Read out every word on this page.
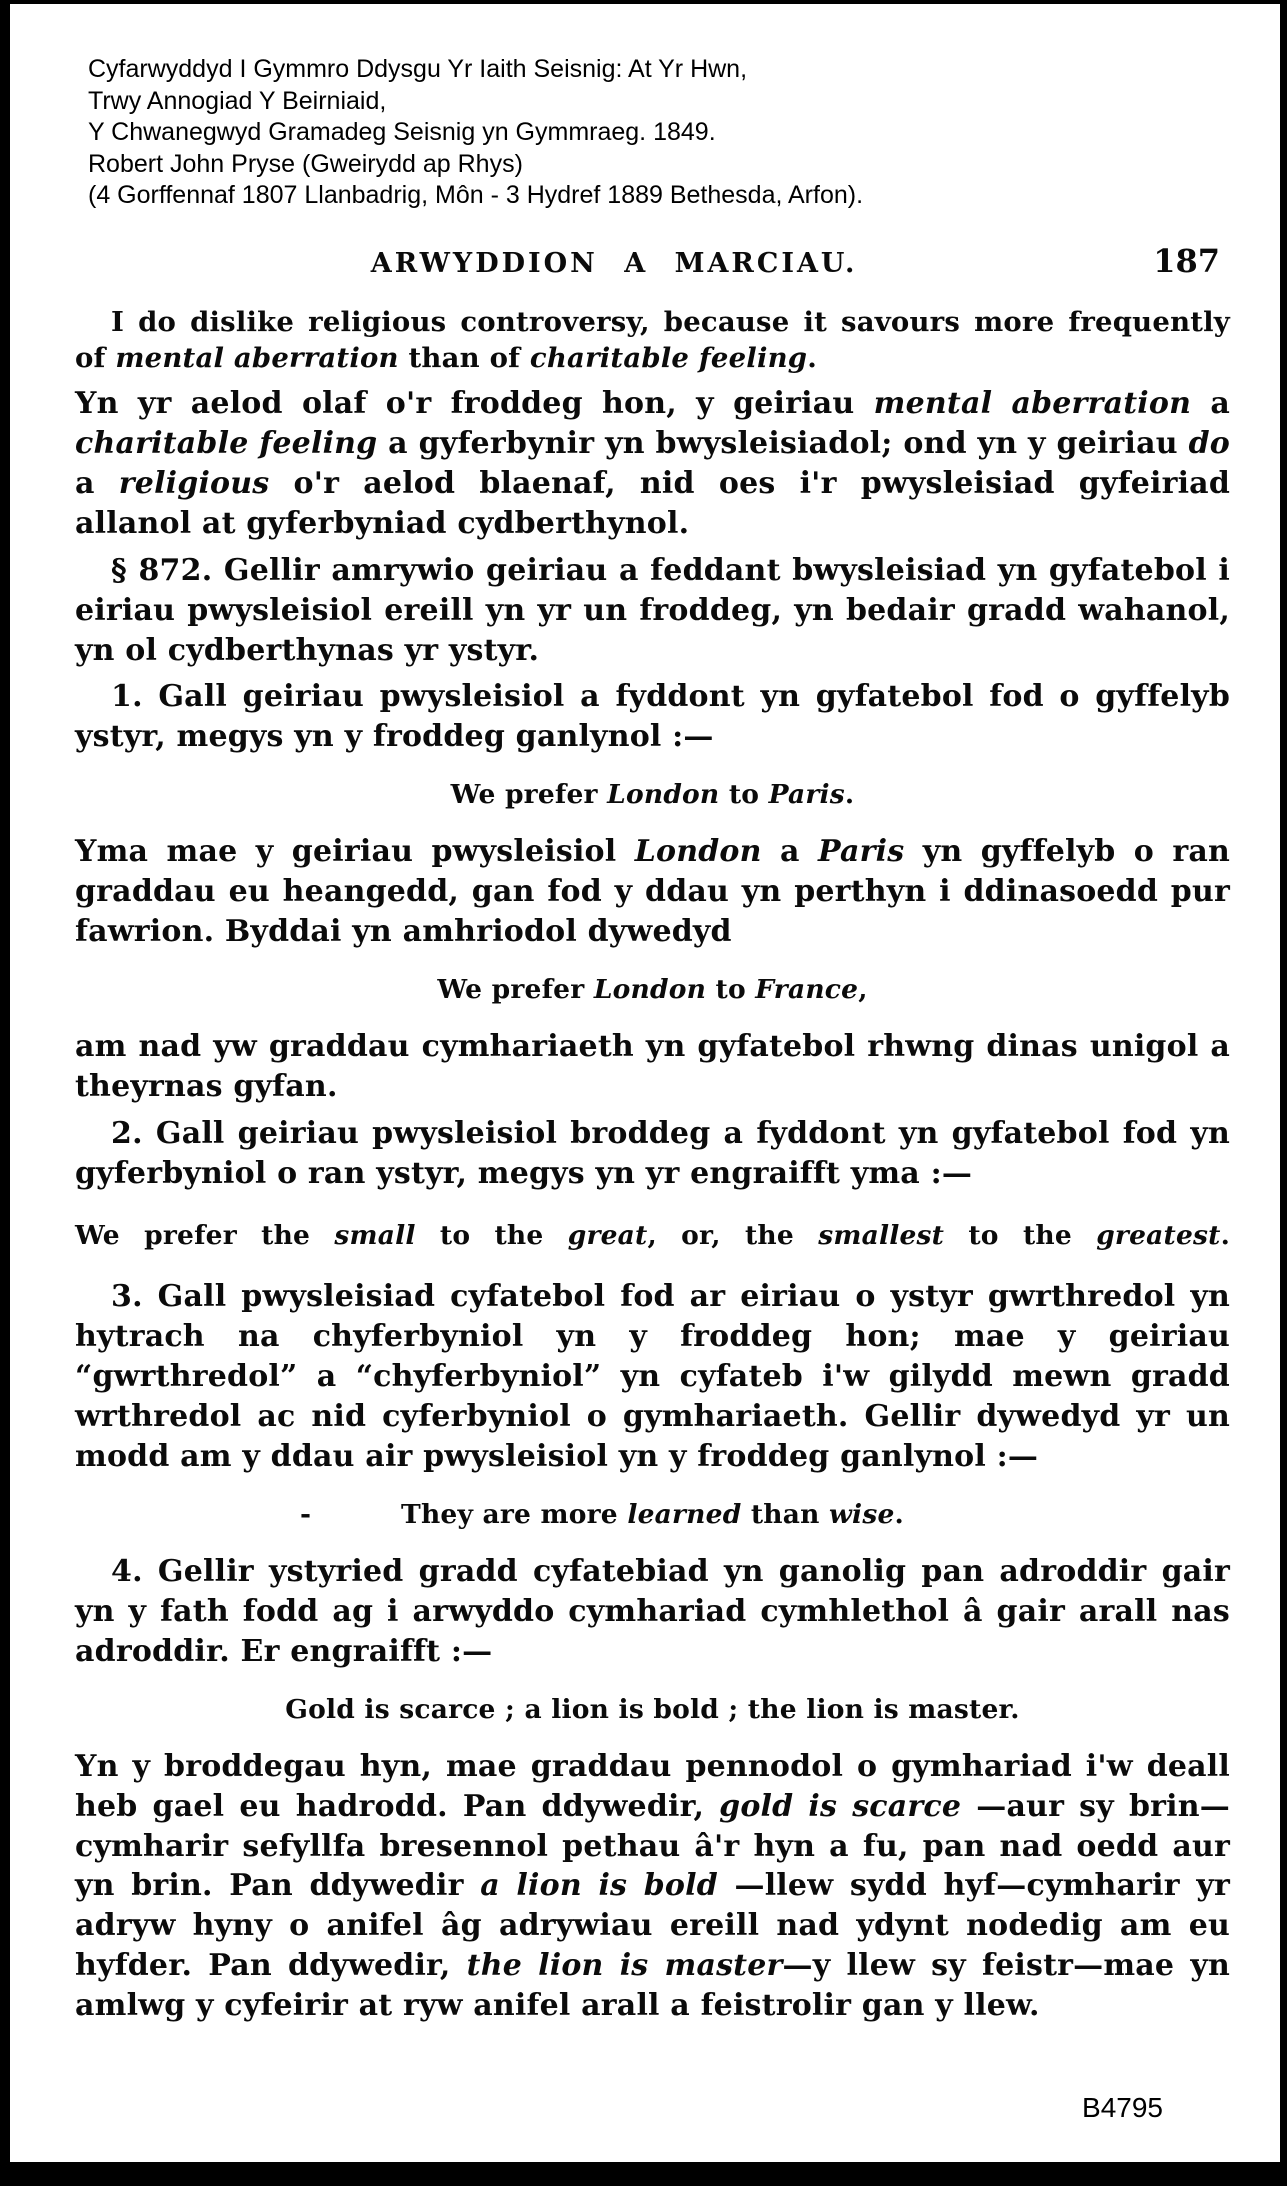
Cyfarwyddyd I Gymmro Ddysgu Yr Iaith Seisnig: At Yr Hwn,
Trwy Annogiad Y Beirniaid,
Y Chwanegwyd Gramadeg Seisnig yn Gymmraeg. 1849.
Robert John Pryse (Gweirydd ap Rhys)
(4 Gorffennaf 1807 Llanbadrig, Môn - 3 Hydref 1889 Bethesda, Arfon).
ARWYDDION A MARCIAU.	187

I do dislike religious controversy, because it savours more frequently of mental aberration than of charitable feeling.

Yn yr aelod olaf o'r froddeg hon, y geiriau mental aberration a charitable feeling a gyferbynir yn bwysleisiadol; ond yn y geiriau do a religious o'r aelod blaenaf, nid oes i'r pwysleisiad gyfeiriad allanol at gyferbyniad cydberthynol.

§ 872. Gellir amrywio geiriau a feddant bwysleisiad yn gyfatebol i eiriau pwysleisiol ereill yn yr un froddeg, yn bedair gradd wahanol, yn ol cydberthynas yr ystyr.

1. Gall geiriau pwysleisiol a fyddont yn gyfatebol fod o gyffelyb ystyr, megys yn y froddeg ganlynol :—

We prefer London to Paris.

Yma mae y geiriau pwysleisiol London a Paris yn gyffelyb o ran graddau eu heangedd, gan fod y ddau yn perthyn i ddinasoedd pur fawrion. Byddai yn amhriodol dywedyd

We prefer London to France,

am nad yw graddau cymhariaeth yn gyfatebol rhwng dinas unigol a theyrnas gyfan.

2. Gall geiriau pwysleisiol broddeg a fyddont yn gyfatebol fod yn gyferbyniol o ran ystyr, megys yn yr engraifft yma :—

We prefer the small to the great, or, the smallest to the greatest.

3. Gall pwysleisiad cyfatebol fod ar eiriau o ystyr gwrthredol yn hytrach na chyferbyniol yn y froddeg hon; mae y geiriau “gwrthredol” a “chyferbyniol” yn cyfateb i'w gilydd mewn gradd wrthredol ac nid cyferbyniol o gymhariaeth. Gellir dywedyd yr un modd am y ddau air pwysleisiol yn y froddeg ganlynol :—

-	They are more learned than wise.

4. Gellir ystyried gradd cyfatebiad yn ganolig pan adroddir gair yn y fath fodd ag i arwyddo cymhariad cymhlethol â gair arall nas adroddir. Er engraifft :—

Gold is scarce ; a lion is bold ; the lion is master.

Yn y broddegau hyn, mae graddau pennodol o gymhariad i'w deall heb gael eu hadrodd. Pan ddywedir, gold is scarce —aur sy brin—cymharir sefyllfa bresennol pethau â'r hyn a fu, pan nad oedd aur yn brin. Pan ddywedir a lion is bold —llew sydd hyf—cymharir yr adryw hyny o anifel âg adrywiau ereill nad ydynt nodedig am eu hyfder. Pan ddywedir, the lion is master—y llew sy feistr—mae yn amlwg y cyfeirir at ryw anifel arall a feistrolir gan y llew.

B4795
